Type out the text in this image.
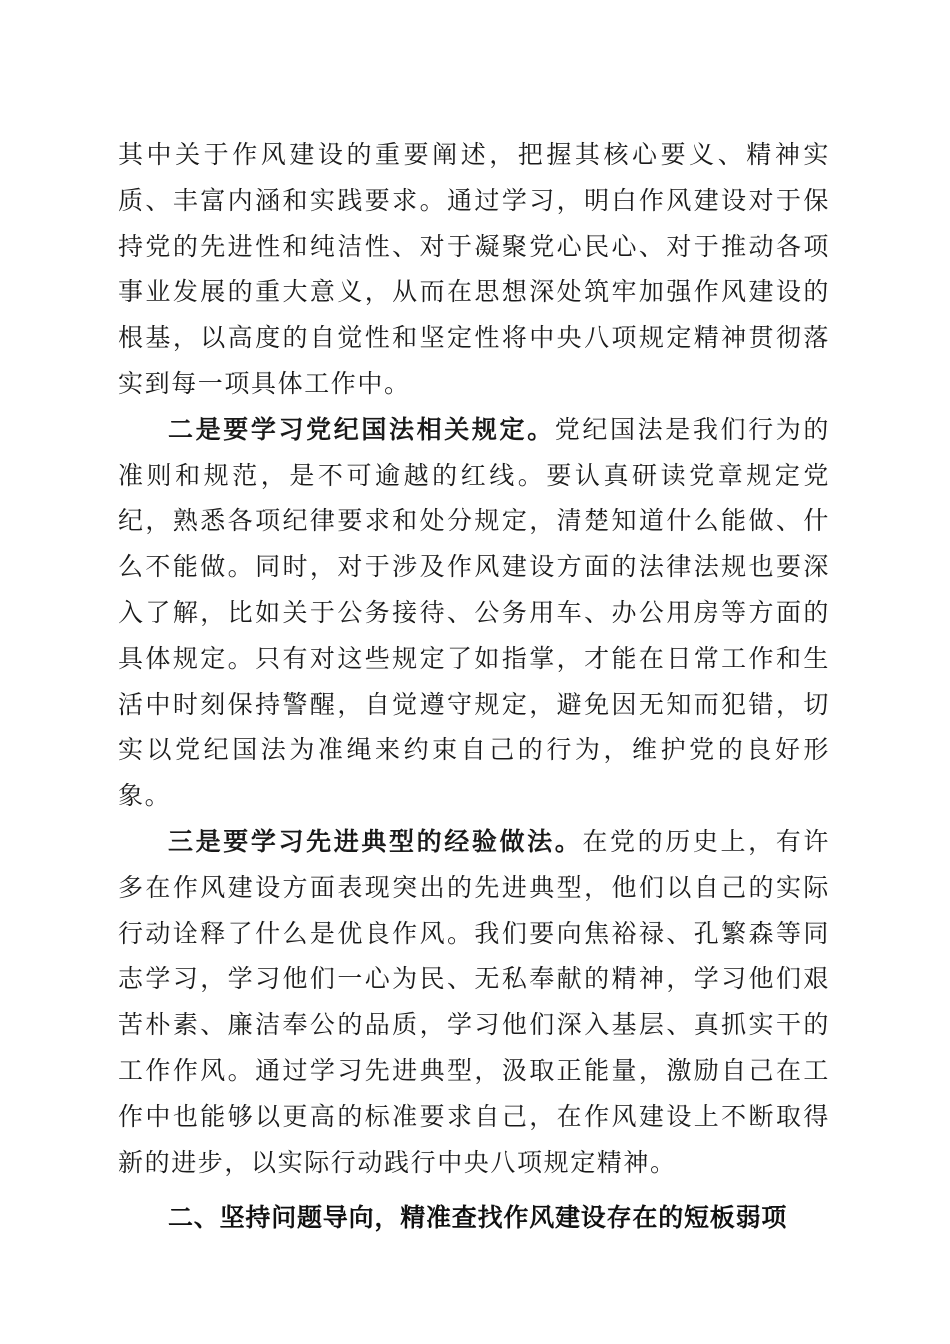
其中关于作风建设的重要阐述，把握其核心要义、精神实质、丰富内涵和实践要求。通过学习，明白作风建设对于保持党的先进性和纯洁性、对于凝聚党心民心、对于推动各项事业发展的重大意义，从而在思想深处筑牢加强作风建设的根基，以高度的自觉性和坚定性将中央八项规定精神贯彻落实到每一项具体工作中。

二是要学习党纪国法相关规定。党纪国法是我们行为的准则和规范，是不可逾越的红线。要认真研读党章规定党纪，熟悉各项纪律要求和处分规定，清楚知道什么能做、什么不能做。同时，对于涉及作风建设方面的法律法规也要深入了解，比如关于公务接待、公务用车、办公用房等方面的具体规定。只有对这些规定了如指掌，才能在日常工作和生活中时刻保持警醒，自觉遵守规定，避免因无知而犯错，切实以党纪国法为准绳来约束自己的行为，维护党的良好形象。

三是要学习先进典型的经验做法。在党的历史上，有许多在作风建设方面表现突出的先进典型，他们以自己的实际行动诠释了什么是优良作风。我们要向焦裕禄、孔繁森等同志学习，学习他们一心为民、无私奉献的精神，学习他们艰苦朴素、廉洁奉公的品质，学习他们深入基层、真抓实干的工作作风。通过学习先进典型，汲取正能量，激励自己在工作中也能够以更高的标准要求自己，在作风建设上不断取得新的进步，以实际行动践行中央八项规定精神。

二、坚持问题导向，精准查找作风建设存在的短板弱项
